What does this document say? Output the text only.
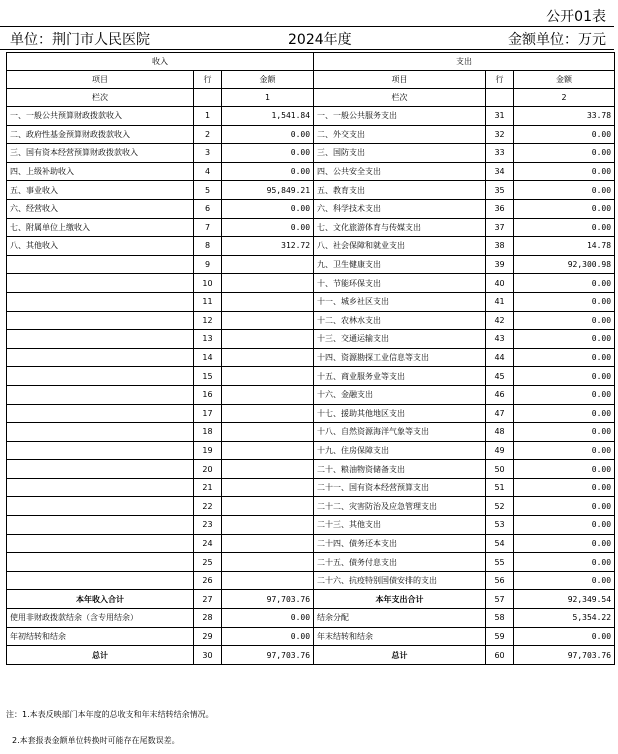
公开01表
单位：荆门市人民医院	2024年度	金额单位：万元
收入			支出		
项目	行	金额	项目	行	金额
栏次		1	栏次		2
一、一般公共预算财政拨款收入	1	1,541.84	一、一般公共服务支出	31	33.78
二、政府性基金预算财政拨款收入	2	0.00	二、外交支出	32	0.00
三、国有资本经营预算财政拨款收入	3	0.00	三、国防支出	33	0.00
四、上级补助收入	4	0.00	四、公共安全支出	34	0.00
五、事业收入	5	95,849.21	五、教育支出	35	0.00
六、经营收入	6	0.00	六、科学技术支出	36	0.00
七、附属单位上缴收入	7	0.00	七、文化旅游体育与传媒支出	37	0.00
八、其他收入	8	312.72	八、社会保障和就业支出	38	14.78
	9		九、卫生健康支出	39	92,300.98
	10		十、节能环保支出	40	0.00
	11		十一、城乡社区支出	41	0.00
	12		十二、农林水支出	42	0.00
	13		十三、交通运输支出	43	0.00
	14		十四、资源勘探工业信息等支出	44	0.00
	15		十五、商业服务业等支出	45	0.00
	16		十六、金融支出	46	0.00
	17		十七、援助其他地区支出	47	0.00
	18		十八、自然资源海洋气象等支出	48	0.00
	19		十九、住房保障支出	49	0.00
	20		二十、粮油物资储备支出	50	0.00
	21		二十一、国有资本经营预算支出	51	0.00
	22		二十二、灾害防治及应急管理支出	52	0.00
	23		二十三、其他支出	53	0.00
	24		二十四、债务还本支出	54	0.00
	25		二十五、债务付息支出	55	0.00
	26		二十六、抗疫特别国债安排的支出	56	0.00
本年收入合计	27	97,703.76	本年支出合计	57	92,349.54
使用非财政拨款结余（含专用结余）	28	0.00	结余分配	58	5,354.22
年初结转和结余	29	0.00	年末结转和结余	59	0.00
总计	30	97,703.76	总计	60	97,703.76
注：1.本表反映部门本年度的总收支和年末结转结余情况。
2.本套报表金额单位转换时可能存在尾数误差。
